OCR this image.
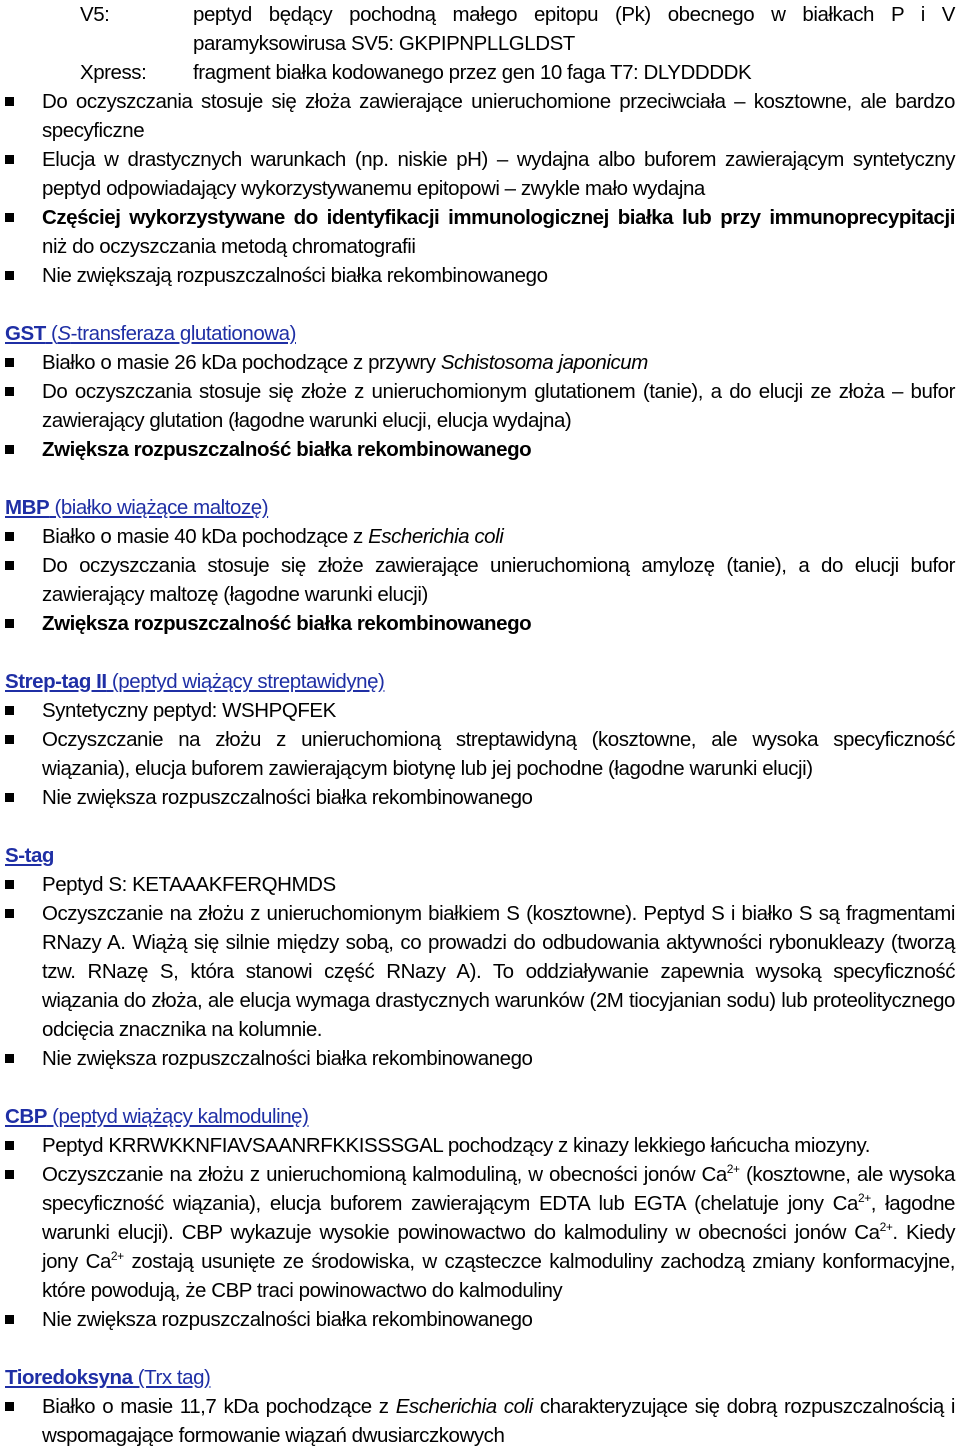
V5:	peptyd będący pochodną małego epitopu (Pk) obecnego w białkach P i V paramyksowirusa SV5: GKPIPNPLLGLDST
Xpress: fragment białka kodowanego przez gen 10 faga T7: DLYDDDDK
Do oczyszczania stosuje się złoża zawierające unieruchomione przeciwciała – kosztowne, ale bardzo specyficzne
Elucja w drastycznych warunkach (np. niskie pH) – wydajna albo buforem zawierającym syntetyczny peptyd odpowiadający wykorzystywanemu epitopowi – zwykle mało wydajna
Częściej wykorzystywane do identyfikacji immunologicznej białka lub przy immunoprecypitacji niż do oczyszczania metodą chromatografii
Nie zwiększają rozpuszczalności białka rekombinowanego
GST (S-transferaza glutationowa)
Białko o masie 26 kDa pochodzące z przywry Schistosoma japonicum
Do oczyszczania stosuje się złoże z unieruchomionym glutationem (tanie), a do elucji ze złoża – bufor zawierający glutation (łagodne warunki elucji, elucja wydajna)
Zwiększa rozpuszczalność białka rekombinowanego
MBP (białko wiążące maltozę)
Białko o masie 40 kDa pochodzące z Escherichia coli
Do oczyszczania stosuje się złoże zawierające unieruchomioną amylozę (tanie), a do elucji bufor zawierający maltozę (łagodne warunki elucji)
Zwiększa rozpuszczalność białka rekombinowanego
Strep-tag II (peptyd wiążący streptawidynę)
Syntetyczny peptyd: WSHPQFEK
Oczyszczanie na złożu z unieruchomioną streptawidyną (kosztowne, ale wysoka specyficzność wiązania), elucja buforem zawierającym biotynę lub jej pochodne (łagodne warunki elucji)
Nie zwiększa rozpuszczalności białka rekombinowanego
S-tag
Peptyd S: KETAAAKFERQHMDS
Oczyszczanie na złożu z unieruchomionym białkiem S (kosztowne). Peptyd S i białko S są fragmentami RNazy A. Wiążą się silnie między sobą, co prowadzi do odbudowania aktywności rybonukleazy (tworzą tzw. RNazę S, która stanowi część RNazy A). To oddziaływanie zapewnia wysoką specyficzność wiązania do złoża, ale elucja wymaga drastycznych warunków (2M tiocyjanian sodu) lub proteolitycznego odcięcia znacznika na kolumnie.
Nie zwiększa rozpuszczalności białka rekombinowanego
CBP (peptyd wiążący kalmodulinę)
Peptyd KRRWKKNFIAVSAANRFKKISSSGAL pochodzący z kinazy lekkiego łańcucha miozyny.
Oczyszczanie na złożu z unieruchomioną kalmoduliną, w obecności jonów $Ca^{2+}$ (kosztowne, ale wysoka specyficzność wiązania), elucja buforem zawierającym EDTA lub EGTA (chelatuje jony $Ca^{2+}$, łagodne warunki elucji). CBP wykazuje wysokie powinowactwo do kalmoduliny w obecności jonów $Ca^{2+}$. Kiedy jony $Ca^{2+}$ zostają usunięte ze środowiska, w cząsteczce kalmoduliny zachodzą zmiany konformacyjne, które powodują, że CBP traci powinowactwo do kalmoduliny
Nie zwiększa rozpuszczalności białka rekombinowanego
Tioredoksyna (Trx tag)
Białko o masie 11,7 kDa pochodzące z Escherichia coli charakteryzujące się dobrą rozpuszczalnością i wspomagające formowanie wiązań dwusiarczkowych
